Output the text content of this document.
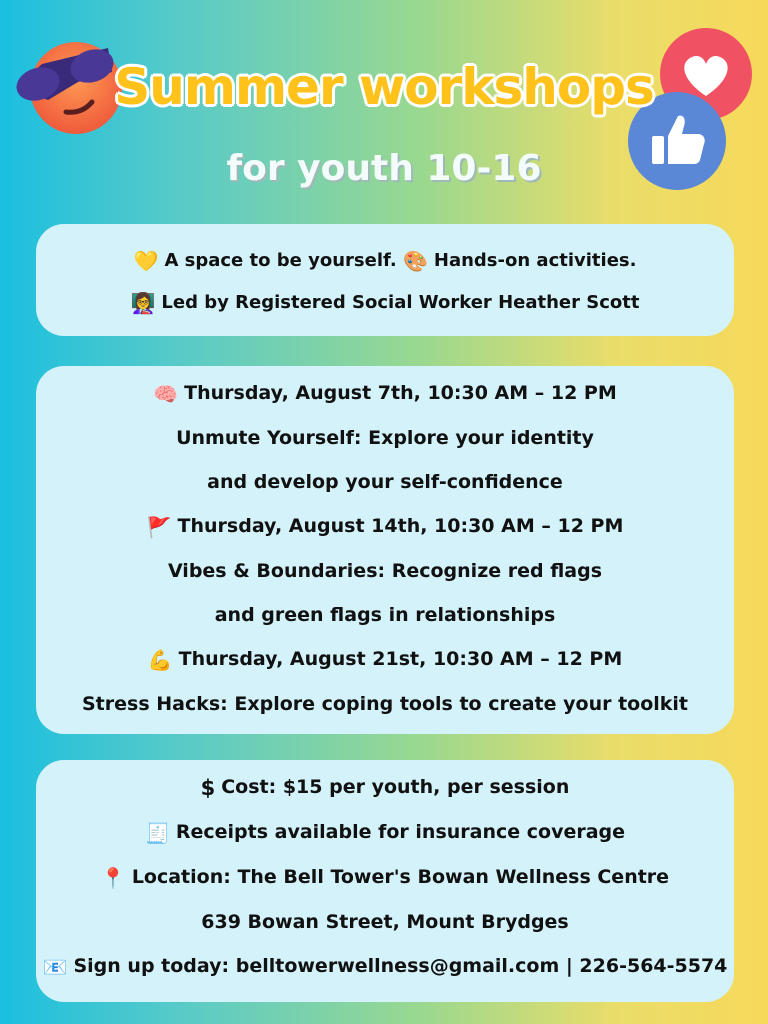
Summer workshops
for youth 10-16
💛 A space to be yourself. 🎨 Hands-on activities.
👩‍🏫 Led by Registered Social Worker Heather Scott
🧠 Thursday, August 7th, 10:30 AM – 12 PM
Unmute Yourself: Explore your identity
and develop your self-confidence
🚩 Thursday, August 14th, 10:30 AM – 12 PM
Vibes & Boundaries: Recognize red flags
and green flags in relationships
💪 Thursday, August 21st, 10:30 AM – 12 PM
Stress Hacks: Explore coping tools to create your toolkit
$ Cost: $15 per youth, per session
🧾 Receipts available for insurance coverage
📍 Location: The Bell Tower's Bowan Wellness Centre
639 Bowan Street, Mount Brydges
📧 Sign up today: belltowerwellness@gmail.com | 226-564-5574
